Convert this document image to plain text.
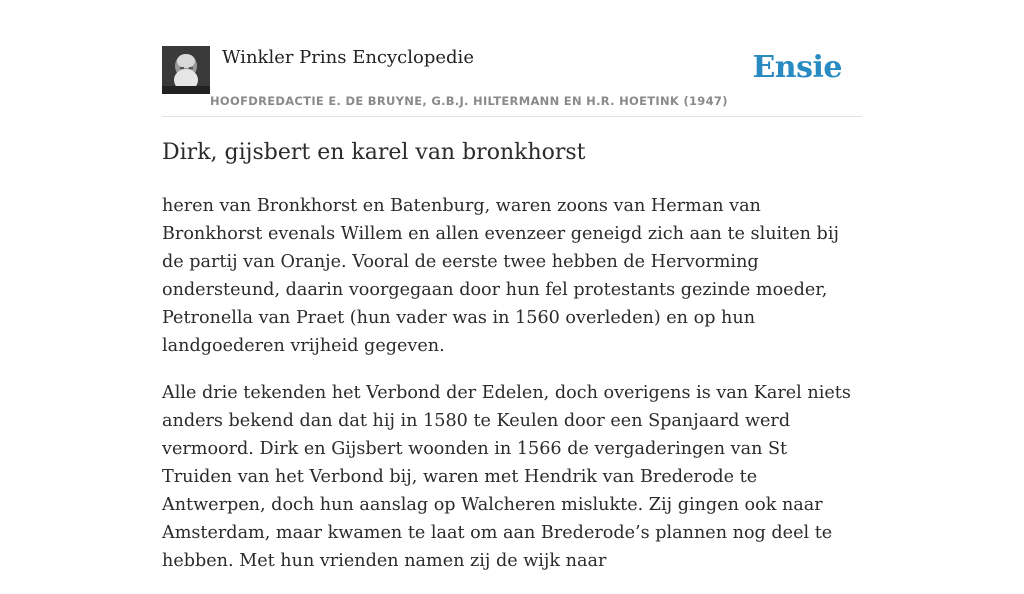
Winkler Prins Encyclopedie
HOOFDREDACTIE E. DE BRUYNE, G.B.J. HILTERMANN EN H.R. HOETINK (1947)
Ensie
Dirk, gijsbert en karel van bronkhorst

heren van Bronkhorst en Batenburg, waren zoons van Herman van Bronkhorst evenals Willem en allen evenzeer geneigd zich aan te sluiten bij de partij van Oranje. Vooral de eerste twee hebben de Hervorming ondersteund, daarin voorgegaan door hun fel protestants gezinde moeder, Petronella van Praet (hun vader was in 1560 overleden) en op hun landgoederen vrijheid gegeven.

Alle drie tekenden het Verbond der Edelen, doch overigens is van Karel niets anders bekend dan dat hij in 1580 te Keulen door een Spanjaard werd vermoord. Dirk en Gijsbert woonden in 1566 de vergaderingen van St Truiden van het Verbond bij, waren met Hendrik van Brederode te Antwerpen, doch hun aanslag op Walcheren mislukte. Zij gingen ook naar Amsterdam, maar kwamen te laat om aan Brederode’s plannen nog deel te hebben. Met hun vrienden namen zij de wijk naar
